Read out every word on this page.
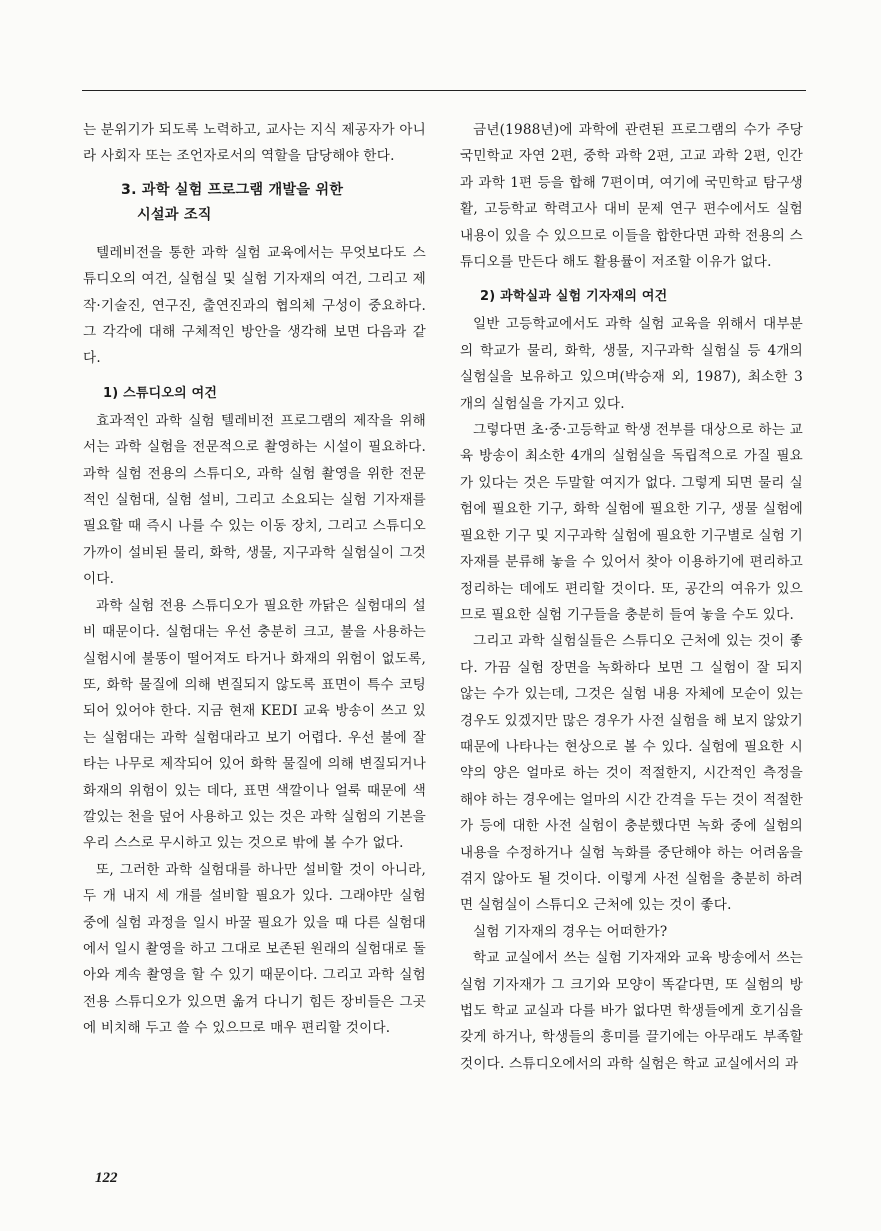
는 분위기가 되도록 노력하고, 교사는 지식 제공자가 아니라 사회자 또는 조언자로서의 역할을 담당해야 한다.

3. 과학 실험 프로그램 개발을 위한
시설과 조직

텔레비전을 통한 과학 실험 교육에서는 무엇보다도 스튜디오의 여건, 실험실 및 실험 기자재의 여건, 그리고 제작·기술진, 연구진, 출연진과의 협의체 구성이 중요하다. 그 각각에 대해 구체적인 방안을 생각해 보면 다음과 같다.

1) 스튜디오의 여건

효과적인 과학 실험 텔레비전 프로그램의 제작을 위해서는 과학 실험을 전문적으로 촬영하는 시설이 필요하다. 과학 실험 전용의 스튜디오, 과학 실험 촬영을 위한 전문적인 실험대, 실험 설비, 그리고 소요되는 실험 기자재를 필요할 때 즉시 나를 수 있는 이동 장치, 그리고 스튜디오 가까이 설비된 물리, 화학, 생물, 지구과학 실험실이 그것이다.

과학 실험 전용 스튜디오가 필요한 까닭은 실험대의 설비 때문이다. 실험대는 우선 충분히 크고, 불을 사용하는 실험시에 불똥이 떨어져도 타거나 화재의 위험이 없도록, 또, 화학 물질에 의해 변질되지 않도록 표면이 특수 코팅되어 있어야 한다. 지금 현재 KEDI 교육 방송이 쓰고 있는 실험대는 과학 실험대라고 보기 어렵다. 우선 불에 잘 타는 나무로 제작되어 있어 화학 물질에 의해 변질되거나 화재의 위험이 있는 데다, 표면 색깔이나 얼룩 때문에 색깔있는 천을 덮어 사용하고 있는 것은 과학 실험의 기본을 우리 스스로 무시하고 있는 것으로 밖에 볼 수가 없다.

또, 그러한 과학 실험대를 하나만 설비할 것이 아니라, 두 개 내지 세 개를 설비할 필요가 있다. 그래야만 실험 중에 실험 과정을 일시 바꿀 필요가 있을 때 다른 실험대에서 일시 촬영을 하고 그대로 보존된 원래의 실험대로 돌아와 계속 촬영을 할 수 있기 때문이다. 그리고 과학 실험 전용 스튜디오가 있으면 옮겨 다니기 힘든 장비들은 그곳에 비치해 두고 쓸 수 있으므로 매우 편리할 것이다.

금년(1988년)에 과학에 관련된 프로그램의 수가 주당 국민학교 자연 2편, 중학 과학 2편, 고교 과학 2편, 인간과 과학 1편 등을 합해 7편이며, 여기에 국민학교 탐구생활, 고등학교 학력고사 대비 문제 연구 편수에서도 실험 내용이 있을 수 있으므로 이들을 합한다면 과학 전용의 스튜디오를 만든다 해도 활용률이 저조할 이유가 없다.

2) 과학실과 실험 기자재의 여건

일반 고등학교에서도 과학 실험 교육을 위해서 대부분의 학교가 물리, 화학, 생물, 지구과학 실험실 등 4개의 실험실을 보유하고 있으며(박승재 외, 1987), 최소한 3개의 실험실을 가지고 있다.

그렇다면 초·중·고등학교 학생 전부를 대상으로 하는 교육 방송이 최소한 4개의 실험실을 독립적으로 가질 필요가 있다는 것은 두말할 여지가 없다. 그렇게 되면 물리 실험에 필요한 기구, 화학 실험에 필요한 기구, 생물 실험에 필요한 기구 및 지구과학 실험에 필요한 기구별로 실험 기자재를 분류해 놓을 수 있어서 찾아 이용하기에 편리하고 정리하는 데에도 편리할 것이다. 또, 공간의 여유가 있으므로 필요한 실험 기구들을 충분히 들여 놓을 수도 있다.

그리고 과학 실험실들은 스튜디오 근처에 있는 것이 좋다. 가끔 실험 장면을 녹화하다 보면 그 실험이 잘 되지 않는 수가 있는데, 그것은 실험 내용 자체에 모순이 있는 경우도 있겠지만 많은 경우가 사전 실험을 해 보지 않았기 때문에 나타나는 현상으로 볼 수 있다. 실험에 필요한 시약의 양은 얼마로 하는 것이 적절한지, 시간적인 측정을 해야 하는 경우에는 얼마의 시간 간격을 두는 것이 적절한가 등에 대한 사전 실험이 충분했다면 녹화 중에 실험의 내용을 수정하거나 실험 녹화를 중단해야 하는 어려움을 겪지 않아도 될 것이다. 이렇게 사전 실험을 충분히 하려면 실험실이 스튜디오 근처에 있는 것이 좋다.

실험 기자재의 경우는 어떠한가?

학교 교실에서 쓰는 실험 기자재와 교육 방송에서 쓰는 실험 기자재가 그 크기와 모양이 똑같다면, 또 실험의 방법도 학교 교실과 다를 바가 없다면 학생들에게 호기심을 갖게 하거나, 학생들의 흥미를 끌기에는 아무래도 부족할 것이다. 스튜디오에서의 과학 실험은 학교 교실에서의 과

122
